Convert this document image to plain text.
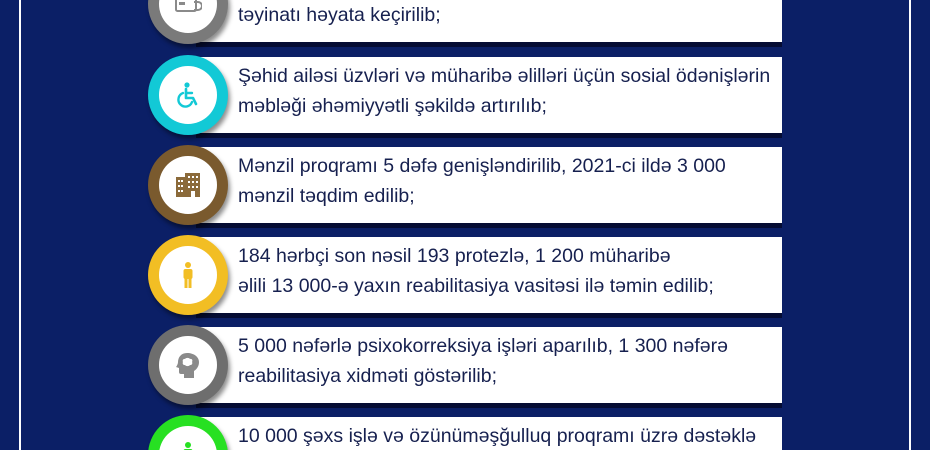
təyinatı həyata keçirilib;
Şəhid ailəsi üzvləri və müharibə əlilləri üçün sosial ödənişlərin
məbləği əhəmiyyətli şəkildə artırılıb;
Mənzil proqramı 5 dəfə genişləndirilib, 2021-ci ildə 3 000
mənzil təqdim edilib;
184 hərbçi son nəsil 193 protezlə, 1 200 müharibə
əlili 13 000-ə yaxın reabilitasiya vasitəsi ilə təmin edilib;
5 000 nəfərlə psixokorreksiya işləri aparılıb, 1 300 nəfərə
reabilitasiya xidməti göstərilib;
10 000 şəxs işlə və özünüməşğulluq proqramı üzrə dəstəklə
